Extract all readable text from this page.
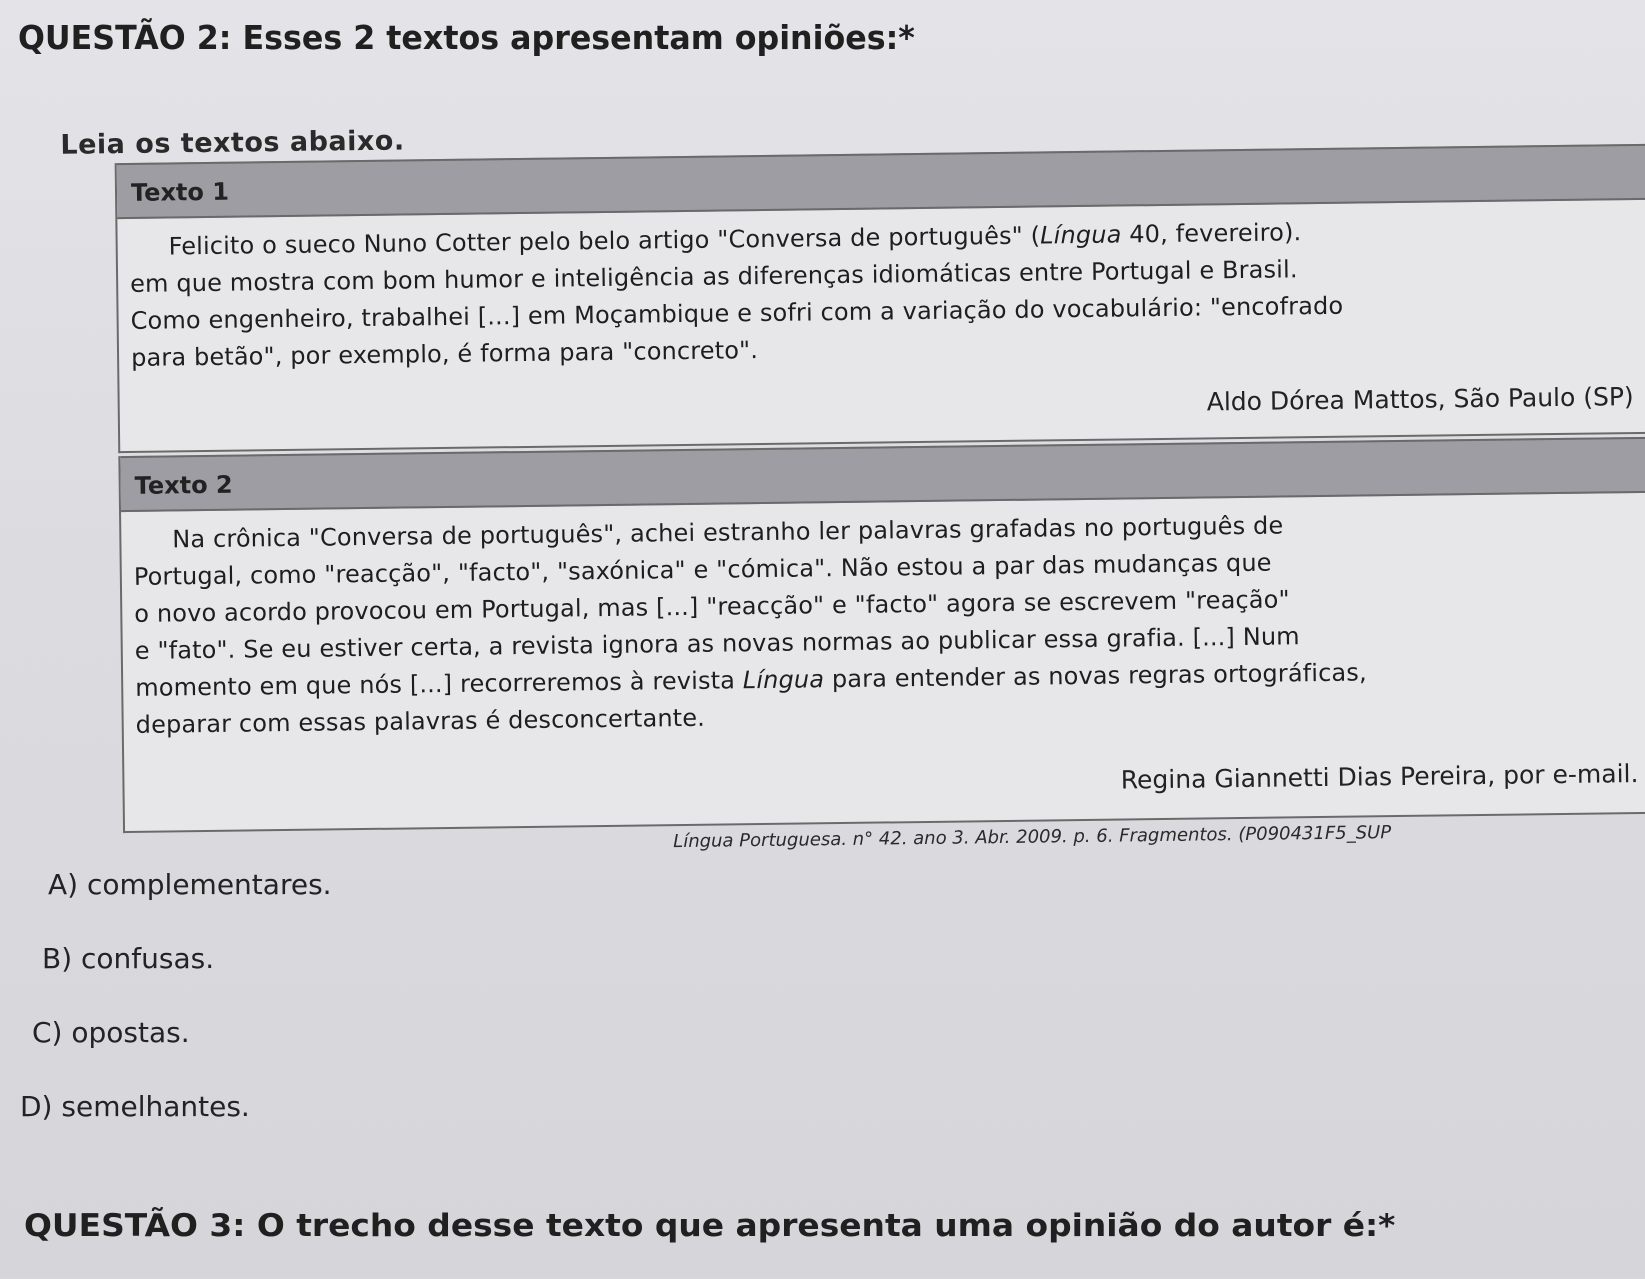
QUESTÃO 2: Esses 2 textos apresentam opiniões:*
Leia os textos abaixo.
Texto 1
Felicito o sueco Nuno Cotter pelo belo artigo "Conversa de português" (Língua 40, fevereiro).
em que mostra com bom humor e inteligência as diferenças idiomáticas entre Portugal e Brasil.
Como engenheiro, trabalhei [...] em Moçambique e sofri com a variação do vocabulário: "encofrado
para betão", por exemplo, é forma para "concreto".
Aldo Dórea Mattos, São Paulo (SP)
Texto 2
Na crônica "Conversa de português", achei estranho ler palavras grafadas no português de
Portugal, como "reacção", "facto", "saxónica" e "cómica". Não estou a par das mudanças que
o novo acordo provocou em Portugal, mas [...] "reacção" e "facto" agora se escrevem "reação"
e "fato". Se eu estiver certa, a revista ignora as novas normas ao publicar essa grafia. [...] Num
momento em que nós [...] recorreremos à revista Língua para entender as novas regras ortográficas,
deparar com essas palavras é desconcertante.
Regina Giannetti Dias Pereira, por e-mail.
Língua Portuguesa. n° 42. ano 3. Abr. 2009. p. 6. Fragmentos. (P090431F5_SUP
A) complementares.
B) confusas.
C) opostas.
D) semelhantes.
QUESTÃO 3: O trecho desse texto que apresenta uma opinião do autor é:*
